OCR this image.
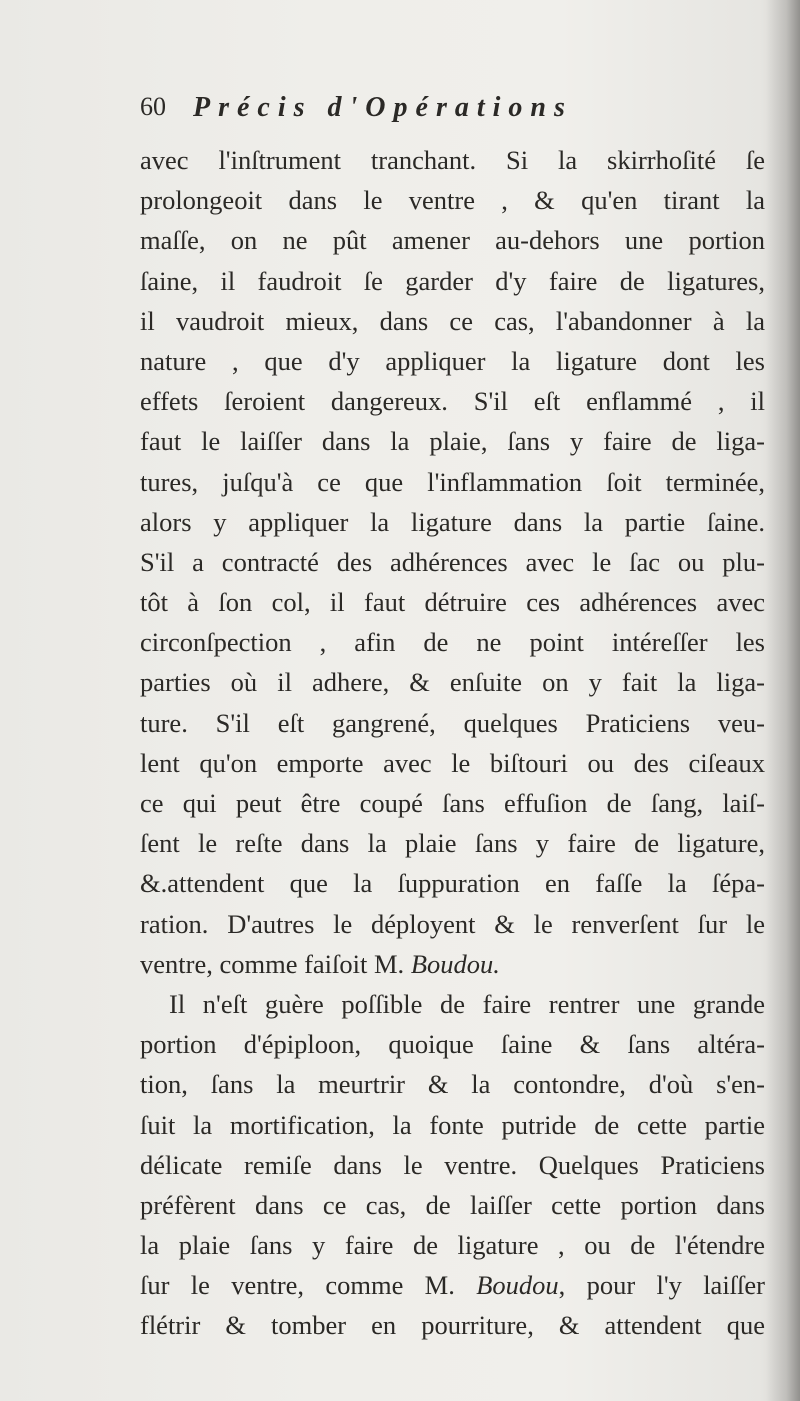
60 Précis d'Opérations
avec l'inſtrument tranchant. Si la skirrhoſité ſe
prolongeoit dans le ventre , & qu'en tirant la
maſſe, on ne pût amener au-dehors une portion
ſaine, il faudroit ſe garder d'y faire de ligatures,
il vaudroit mieux, dans ce cas, l'abandonner à la
nature , que d'y appliquer la ligature dont les
effets ſeroient dangereux. S'il eſt enflammé , il
faut le laiſſer dans la plaie, ſans y faire de liga-
tures, juſqu'à ce que l'inflammation ſoit terminée,
alors y appliquer la ligature dans la partie ſaine.
S'il a contracté des adhérences avec le ſac ou plu-
tôt à ſon col, il faut détruire ces adhérences avec
circonſpection , afin de ne point intéreſſer les
parties où il adhere, & enſuite on y fait la liga-
ture. S'il eſt gangrené, quelques Praticiens veu-
lent qu'on emporte avec le biſtouri ou des ciſeaux
ce qui peut être coupé ſans effuſion de ſang, laiſ-
ſent le reſte dans la plaie ſans y faire de ligature,
&.attendent que la ſuppuration en faſſe la ſépa-
ration. D'autres le déployent & le renverſent ſur le
ventre, comme faiſoit M. Boudou.
Il n'eſt guère poſſible de faire rentrer une grande
portion d'épiploon, quoique ſaine & ſans altéra-
tion, ſans la meurtrir & la contondre, d'où s'en-
ſuit la mortification, la fonte putride de cette partie
délicate remiſe dans le ventre. Quelques Praticiens
préfèrent dans ce cas, de laiſſer cette portion dans
la plaie ſans y faire de ligature , ou de l'étendre
ſur le ventre, comme M. Boudou, pour l'y laiſſer
flétrir & tomber en pourriture, & attendent que
